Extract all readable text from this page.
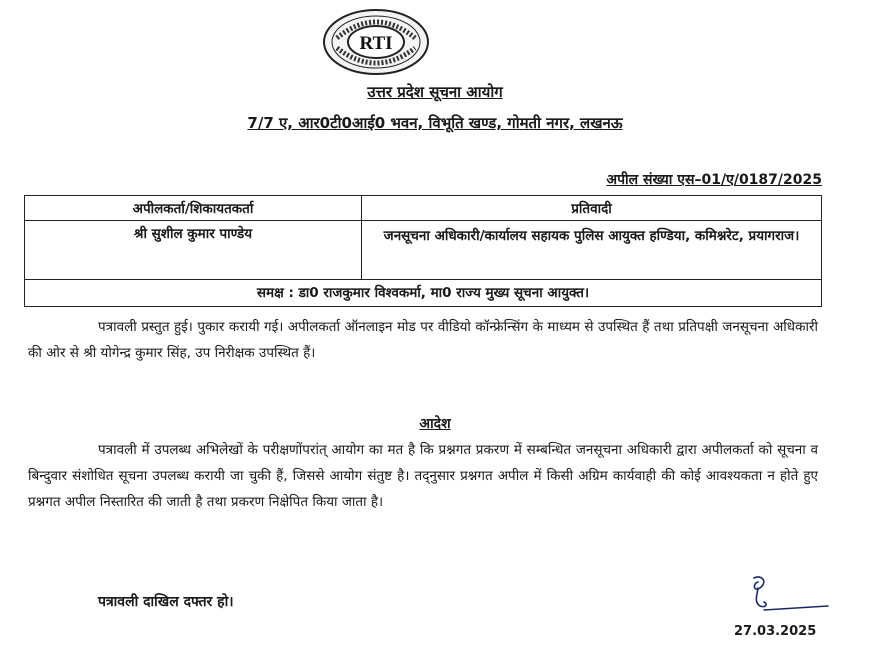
RTI
उत्तर प्रदेश सूचना आयोग
7/7 ए, आर0टी0आई0 भवन, विभूति खण्ड, गोमती नगर, लखनऊ
अपील संख्या एस–01/ए/0187/2025
अपीलकर्ता/शिकायतकर्ता	प्रतिवादी
श्री सुशील कुमार पाण्डेय	जनसूचना अधिकारी/कार्यालय सहायक पुलिस आयुक्त हण्डिया, कमिश्नरेट, प्रयागराज।
समक्ष : डा0 राजकुमार विश्वकर्मा, मा0 राज्य मुख्य सूचना आयुक्त।	
पत्रावली प्रस्तुत हुई। पुकार करायी गई। अपीलकर्ता ऑनलाइन मोड पर वीडियो कॉन्फ्रेन्सिंग के माध्यम से उपस्थित हैं तथा प्रतिपक्षी जनसूचना अधिकारी की ओर से श्री योगेन्द्र कुमार सिंह, उप निरीक्षक उपस्थित हैं।
आदेश
पत्रावली में उपलब्ध अभिलेखों के परीक्षणोंपरांत् आयोग का मत है कि प्रश्नगत प्रकरण में सम्बन्धित जनसूचना अधिकारी द्वारा अपीलकर्ता को सूचना व बिन्दुवार संशोधित सूचना उपलब्ध करायी जा चुकी हैं, जिससे आयोग संतुष्ट है। तद्नुसार प्रश्नगत अपील में किसी अग्रिम कार्यवाही की कोई आवश्यकता न होते हुए प्रश्नगत अपील निस्तारित की जाती है तथा प्रकरण निक्षेपित किया जाता है।
पत्रावली दाखिल दफ्तर हो।
27.03.2025
